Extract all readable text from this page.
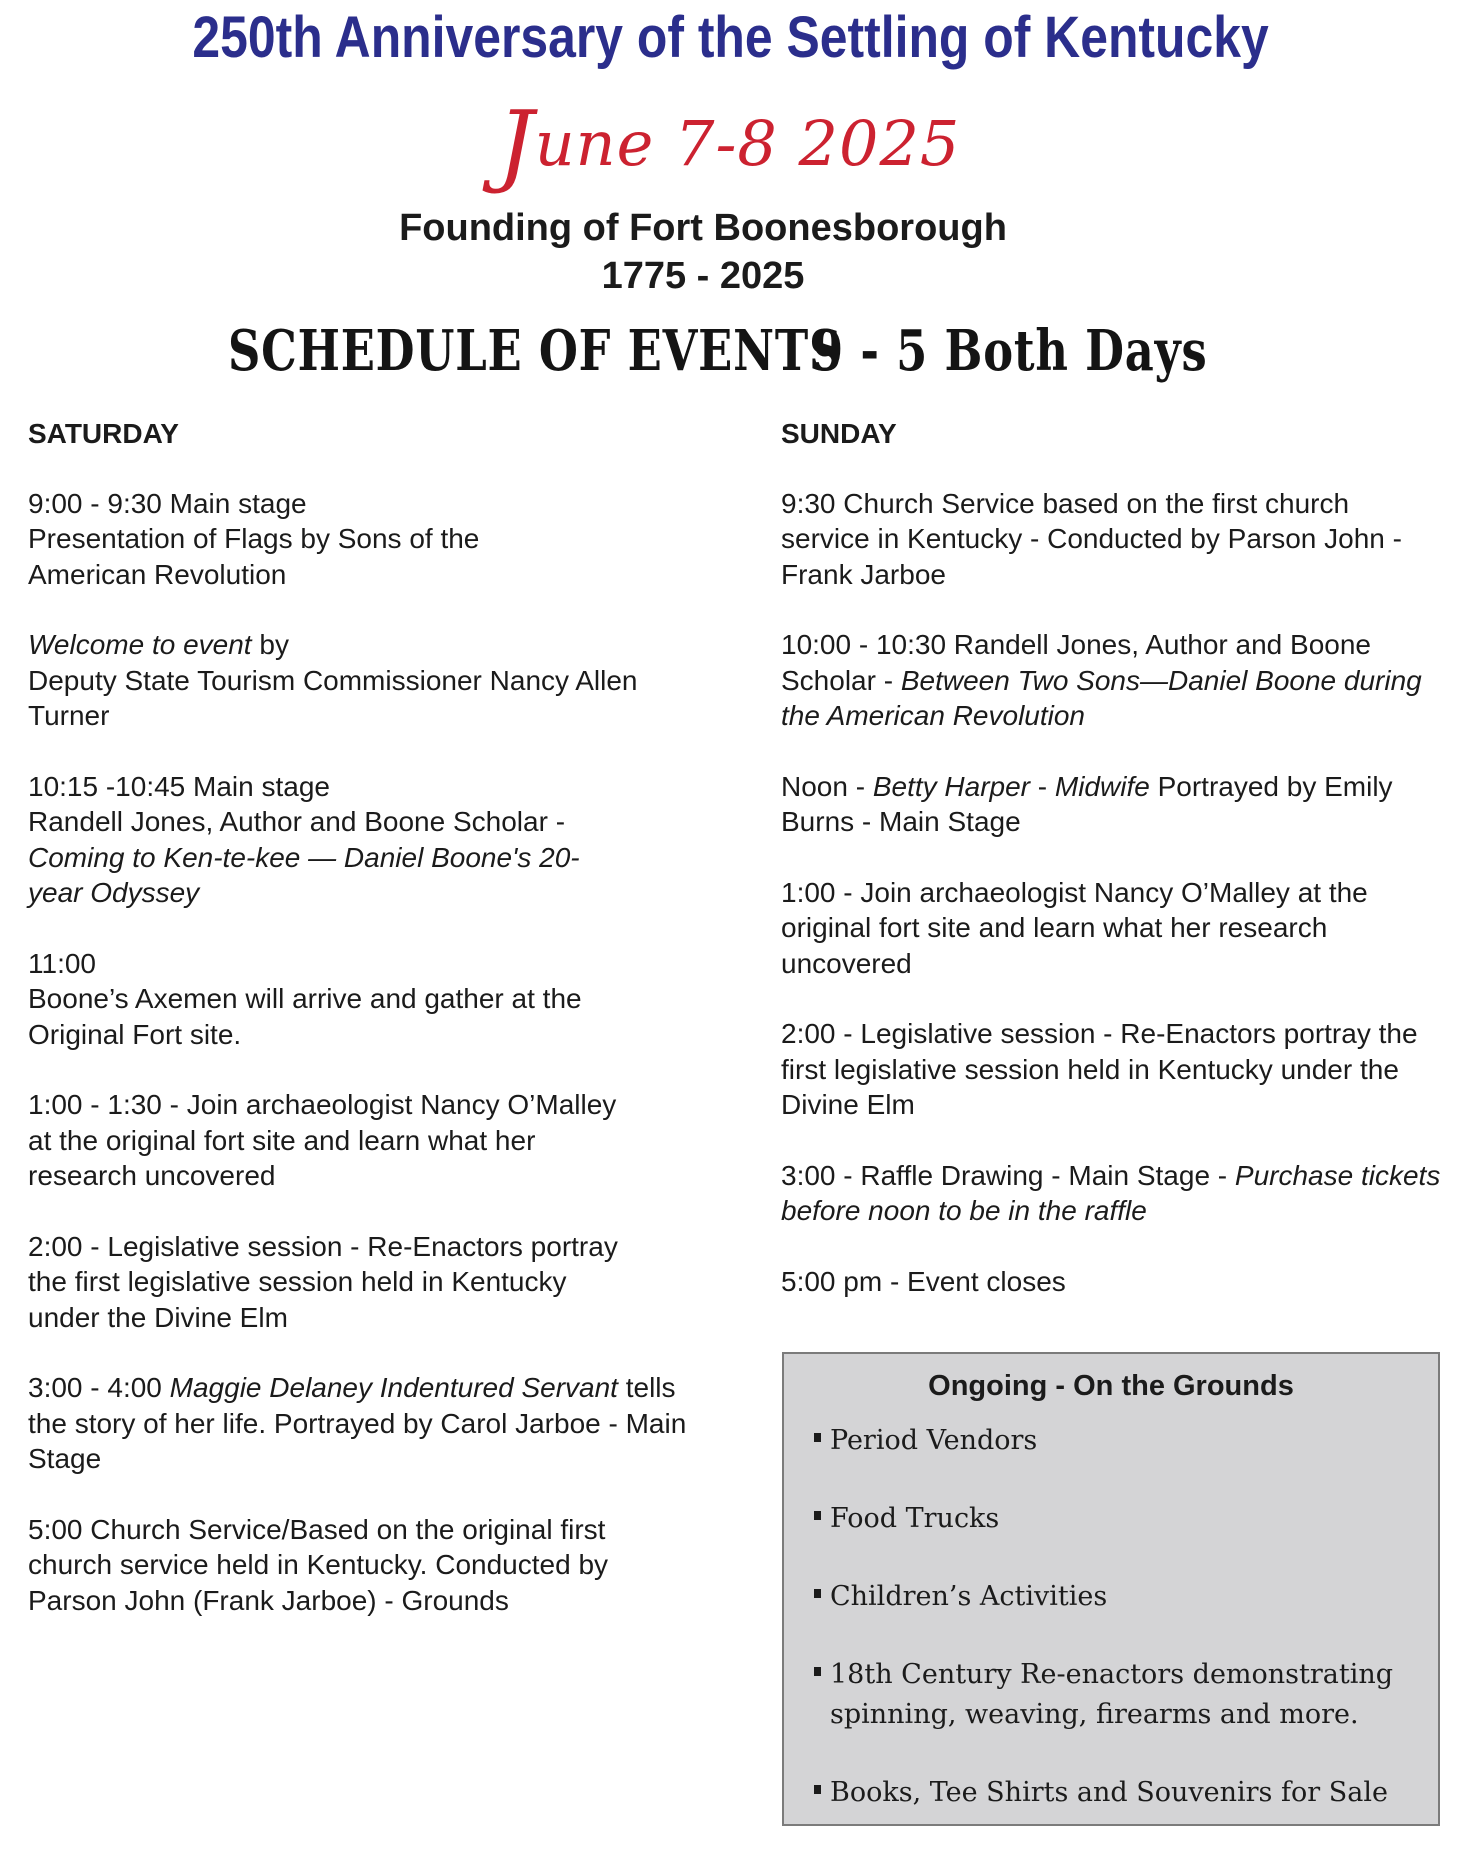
250th Anniversary of the Settling of Kentucky
June 7-8 2025
Founding of Fort Boonesborough
1775 - 2025
SCHEDULE OF EVENTS
9 - 5 Both Days
SATURDAY

9:00 - 9:30 Main stage

Presentation of Flags by Sons of the American Revolution

Welcome to event by

Deputy State Tourism Commissioner Nancy Allen Turner

10:15 -10:45 Main stage

Randell Jones, Author and Boone Scholar -

Coming to Ken-te-kee — Daniel Boone's 20-year Odyssey

11:00

Boone’s Axemen will arrive and gather at the Original Fort site.

1:00 - 1:30 - Join archaeologist Nancy O’Malley at the original fort site and learn what her research uncovered

2:00 - Legislative session - Re-Enactors portray the first legislative session held in Kentucky under the Divine Elm

3:00 - 4:00 Maggie Delaney Indentured Servant tells the story of her life. Portrayed by Carol Jarboe - Main Stage

5:00 Church Service/Based on the original first church service held in Kentucky. Conducted by Parson John (Frank Jarboe) - Grounds

SUNDAY

9:30 Church Service based on the first church service in Kentucky - Conducted by Parson John - Frank Jarboe

10:00 - 10:30 Randell Jones, Author and Boone Scholar - Between Two Sons—Daniel Boone during the American Revolution

Noon - Betty Harper - Midwife Portrayed by Emily Burns - Main Stage

1:00 - Join archaeologist Nancy O’Malley at the original fort site and learn what her research uncovered

2:00 - Legislative session - Re-Enactors portray the first legislative session held in Kentucky under the Divine Elm

3:00 - Raffle Drawing - Main Stage - Purchase tickets before noon to be in the raffle

5:00 pm - Event closes

Ongoing - On the Grounds
Period Vendors
Food Trucks
Children’s Activities
18th Century Re-enactors demonstrating spinning, weaving, firearms and more.
Books, Tee Shirts and Souvenirs for Sale
